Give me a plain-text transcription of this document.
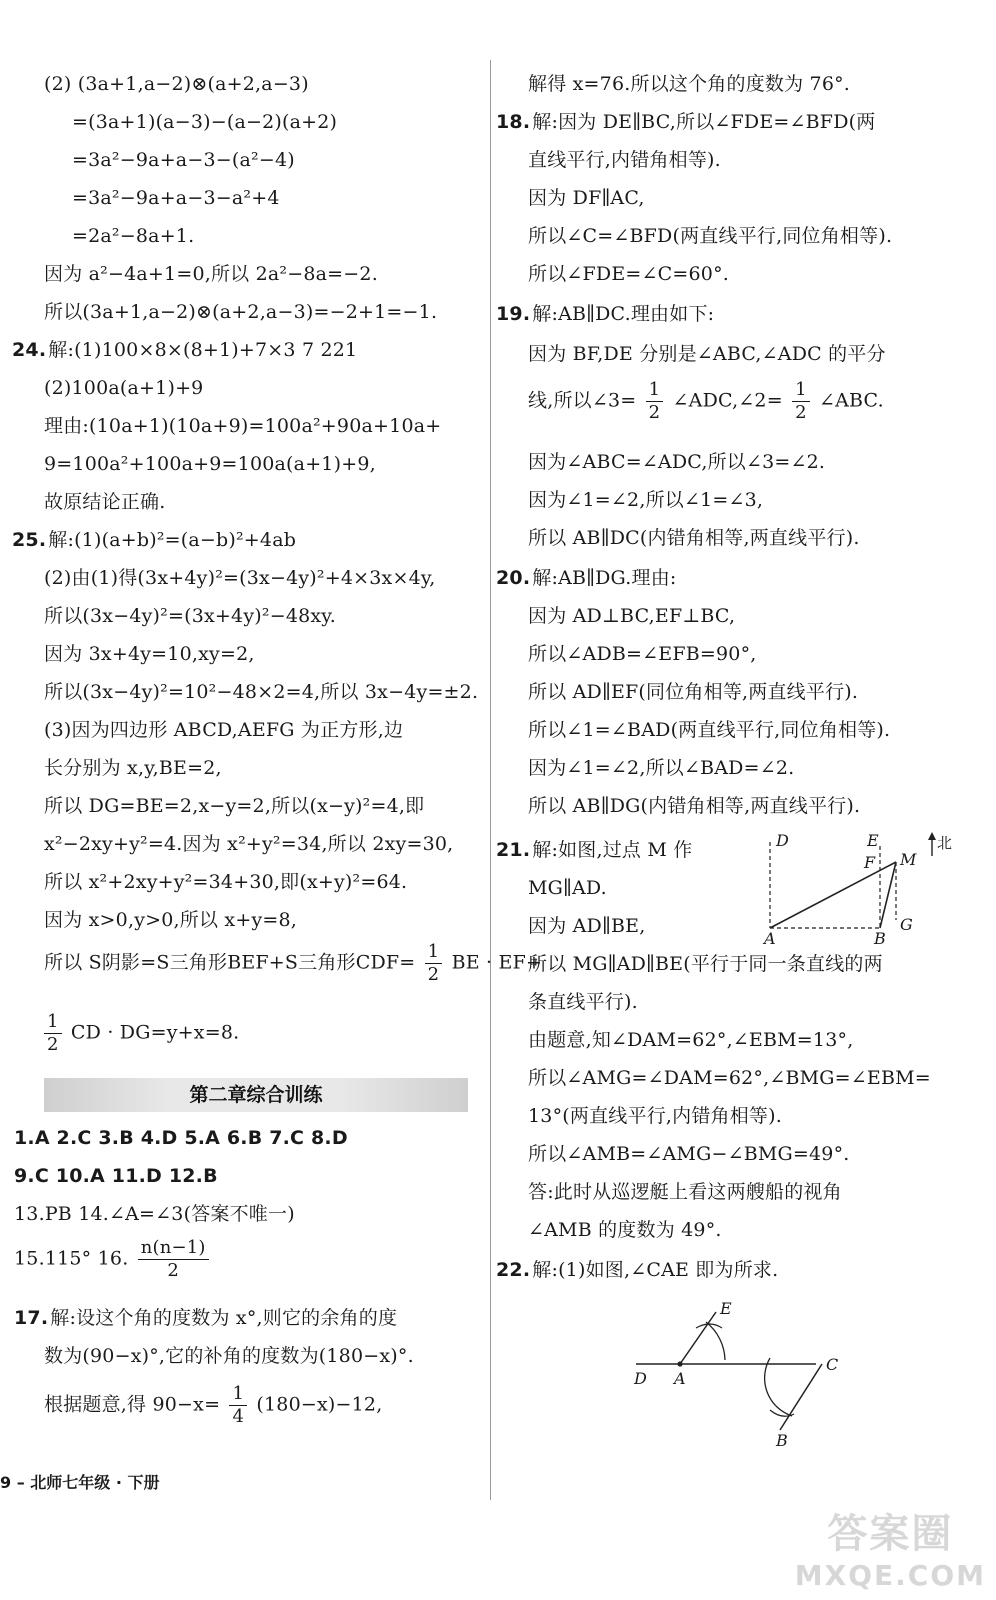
(2) (3a+1,a−2)⊗(a+2,a−3)
=(3a+1)(a−3)−(a−2)(a+2)
=3a²−9a+a−3−(a²−4)
=3a²−9a+a−3−a²+4
=2a²−8a+1.
因为 a²−4a+1=0,所以 2a²−8a=−2.
所以(3a+1,a−2)⊗(a+2,a−3)=−2+1=−1.
24. 解:(1)100×8×(8+1)+7×3 7 221
(2)100a(a+1)+9
理由:(10a+1)(10a+9)=100a²+90a+10a+
9=100a²+100a+9=100a(a+1)+9,
故原结论正确.
25. 解:(1)(a+b)²=(a−b)²+4ab
(2)由(1)得(3x+4y)²=(3x−4y)²+4×3x×4y,
所以(3x−4y)²=(3x+4y)²−48xy.
因为 3x+4y=10,xy=2,
所以(3x−4y)²=10²−48×2=4,所以 3x−4y=±2.
(3)因为四边形 ABCD,AEFG 为正方形,边
长分别为 x,y,BE=2,
所以 DG=BE=2,x−y=2,所以(x−y)²=4,即
x²−2xy+y²=4.因为 x²+y²=34,所以 2xy=30,
所以 x²+2xy+y²=34+30,即(x+y)²=64.
因为 x>0,y>0,所以 x+y=8,
所以 S阴影=S三角形BEF+S三角形$CDF= \frac{1}{2}$ BE · EF+
$\frac{1}{2}$ CD · DG=y+x=8.
第二章综合训练
1.A 2.C 3.B 4.D 5.A 6.B 7.C 8.D
9.C 10.A 11.D 12.B
13.PB 14.∠A=∠3(答案不唯一)
15.115° 16. $\frac{n(n-1)}{2}$
17. 解:设这个角的度数为 x°,则它的余角的度
数为(90−x)°,它的补角的度数为(180−x)°.
根据题意,得 $90-x= \frac{1}{4} (180-x)-12$,
9 – 北师七年级 · 下册
解得 x=76.所以这个角的度数为 76°.
18. 解:因为 DE∥BC,所以∠FDE=∠BFD(两
直线平行,内错角相等).
因为 DF∥AC,
所以∠C=∠BFD(两直线平行,同位角相等).
所以∠FDE=∠C=60°.
19. 解:AB∥DC.理由如下:
因为 BF,DE 分别是∠ABC,∠ADC 的平分
线,所以∠3= $\frac{1}{2}$ ∠ADC,∠2= $\frac{1}{2}$ ∠ABC.
因为∠ABC=∠ADC,所以∠3=∠2.
因为∠1=∠2,所以∠1=∠3,
所以 AB∥DC(内错角相等,两直线平行).
20. 解:AB∥DG.理由:
因为 AD⊥BC,EF⊥BC,
所以∠ADB=∠EFB=90°,
所以 AD∥EF(同位角相等,两直线平行).
所以∠1=∠BAD(两直线平行,同位角相等).
因为∠1=∠2,所以∠BAD=∠2.
所以 AB∥DG(内错角相等,两直线平行).
21. 解:如图,过点 M 作
MG∥AD.
因为 AD∥BE,
所以 MG∥AD∥BE(平行于同一条直线的两
条直线平行).
由题意,知∠DAM=62°,∠EBM=13°,
所以∠AMG=∠DAM=62°,∠BMG=∠EBM=
13°(两直线平行,内错角相等).
所以∠AMB=∠AMG−∠BMG=49°.
答:此时从巡逻艇上看这两艘船的视角
∠AMB 的度数为 49°.
22. 解:(1)如图,∠CAE 即为所求.
D	E	北
F M
A	B
G
E
D A
C
B
答案圈
MXQE.COM
